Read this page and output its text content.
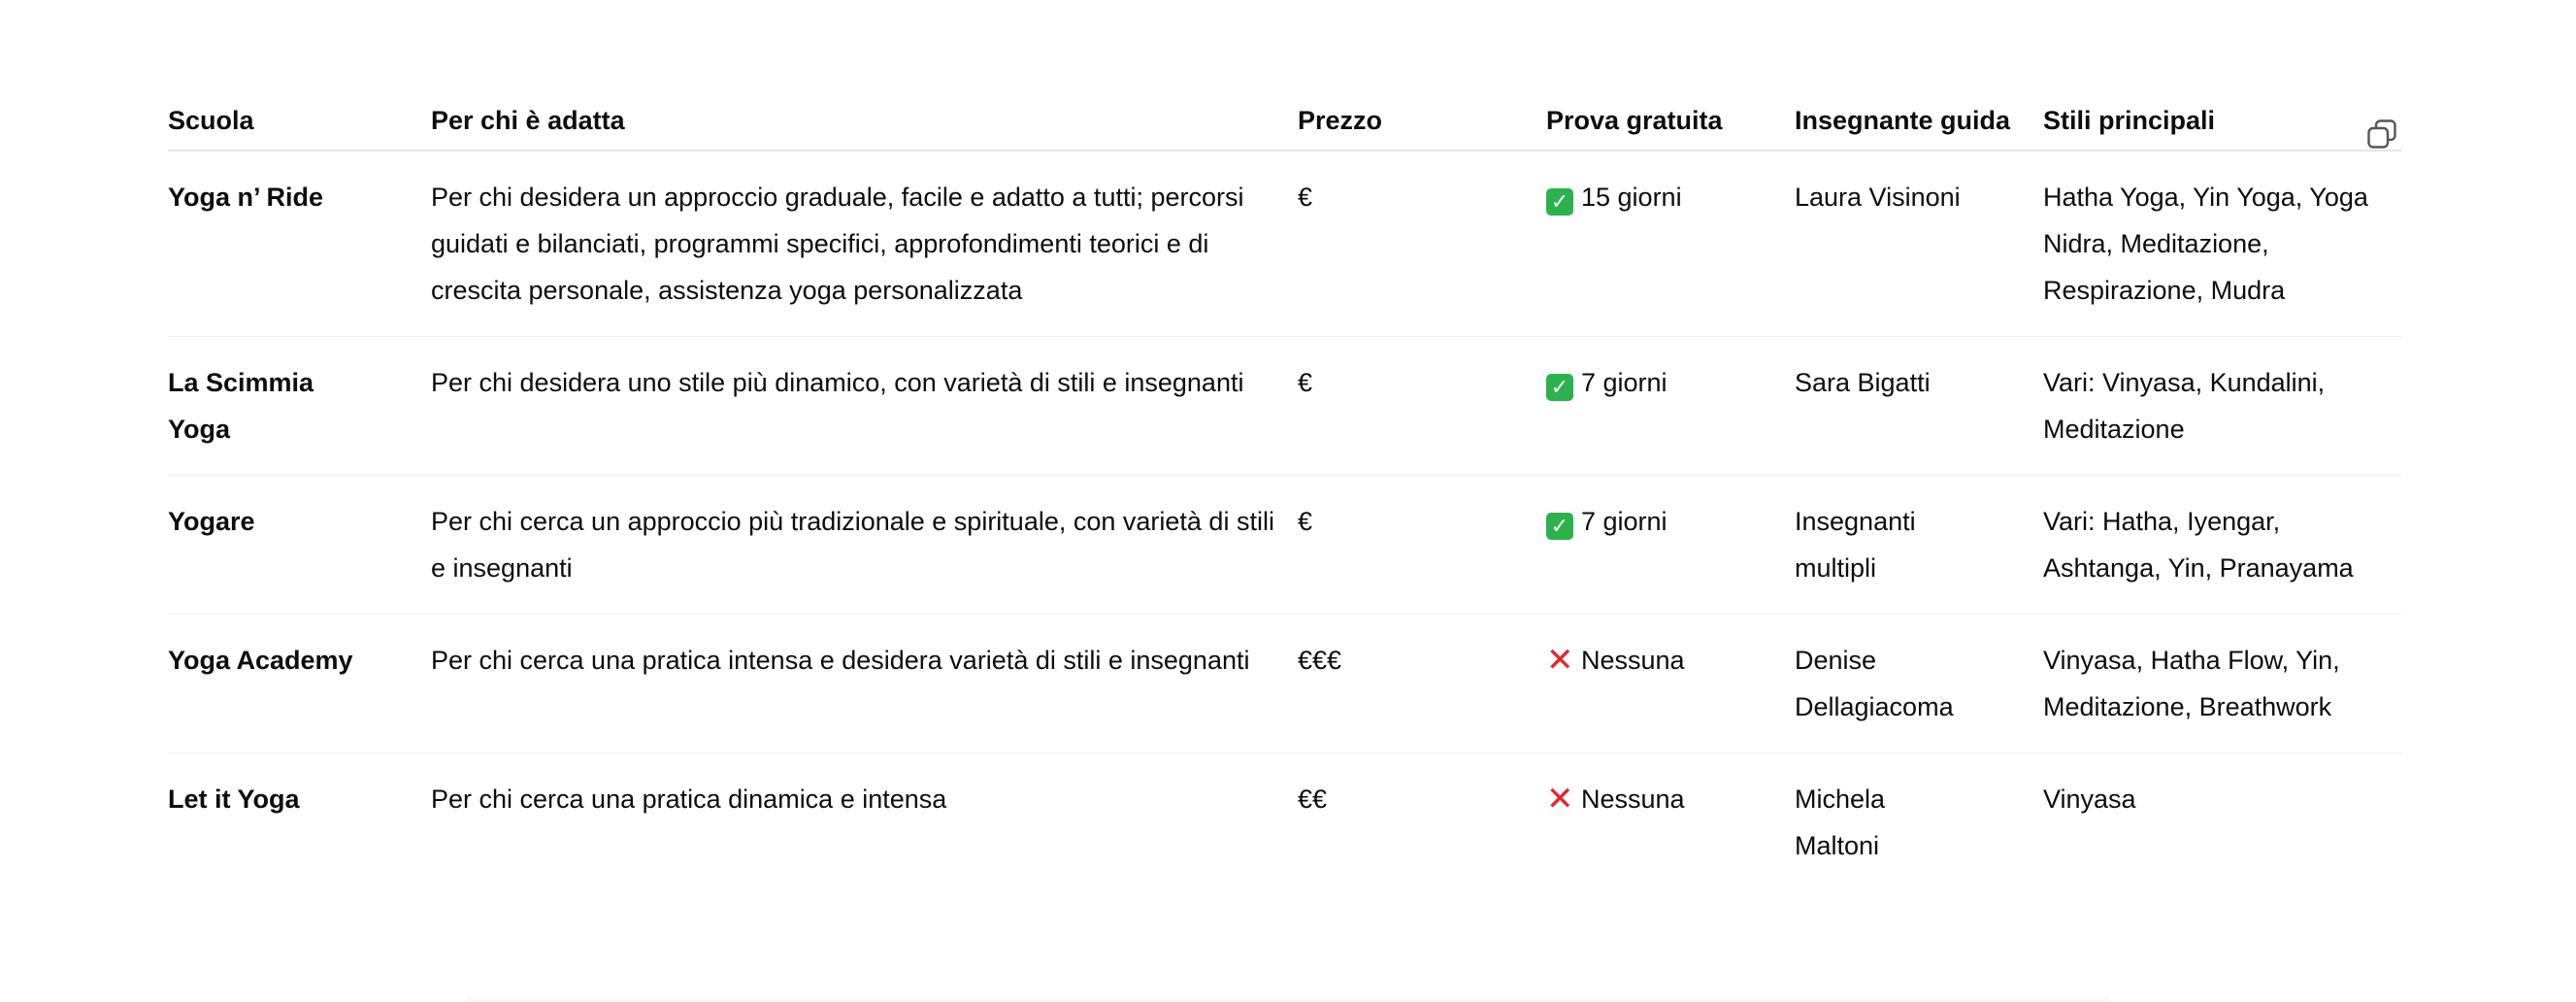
Scuola	Per chi è adatta	Prezzo	Prova gratuita	Insegnante guida	Stili principali
Yoga n’ Ride	Per chi desidera un approccio graduale, facile e adatto a tutti; percorsi guidati e bilanciati, programmi specifici, approfondimenti teorici e di crescita personale, assistenza yoga personalizzata	€	✓ 15 giorni	Laura Visinoni	Hatha Yoga, Yin Yoga, Yoga Nidra, Meditazione, Respirazione, Mudra
La Scimmia Yoga	Per chi desidera uno stile più dinamico, con varietà di stili e insegnanti	€	✓ 7 giorni	Sara Bigatti	Vari: Vinyasa, Kundalini, Meditazione
Yogare	Per chi cerca un approccio più tradizionale e spirituale, con varietà di stili e insegnanti	€	✓ 7 giorni	Insegnanti multipli	Vari: Hatha, Iyengar, Ashtanga, Yin, Pranayama
Yoga Academy	Per chi cerca una pratica intensa e desidera varietà di stili e insegnanti	€€€	✕ Nessuna	Denise Dellagiacoma	Vinyasa, Hatha Flow, Yin, Meditazione, Breathwork
Let it Yoga	Per chi cerca una pratica dinamica e intensa	€€	✕ Nessuna	Michela Maltoni	Vinyasa
